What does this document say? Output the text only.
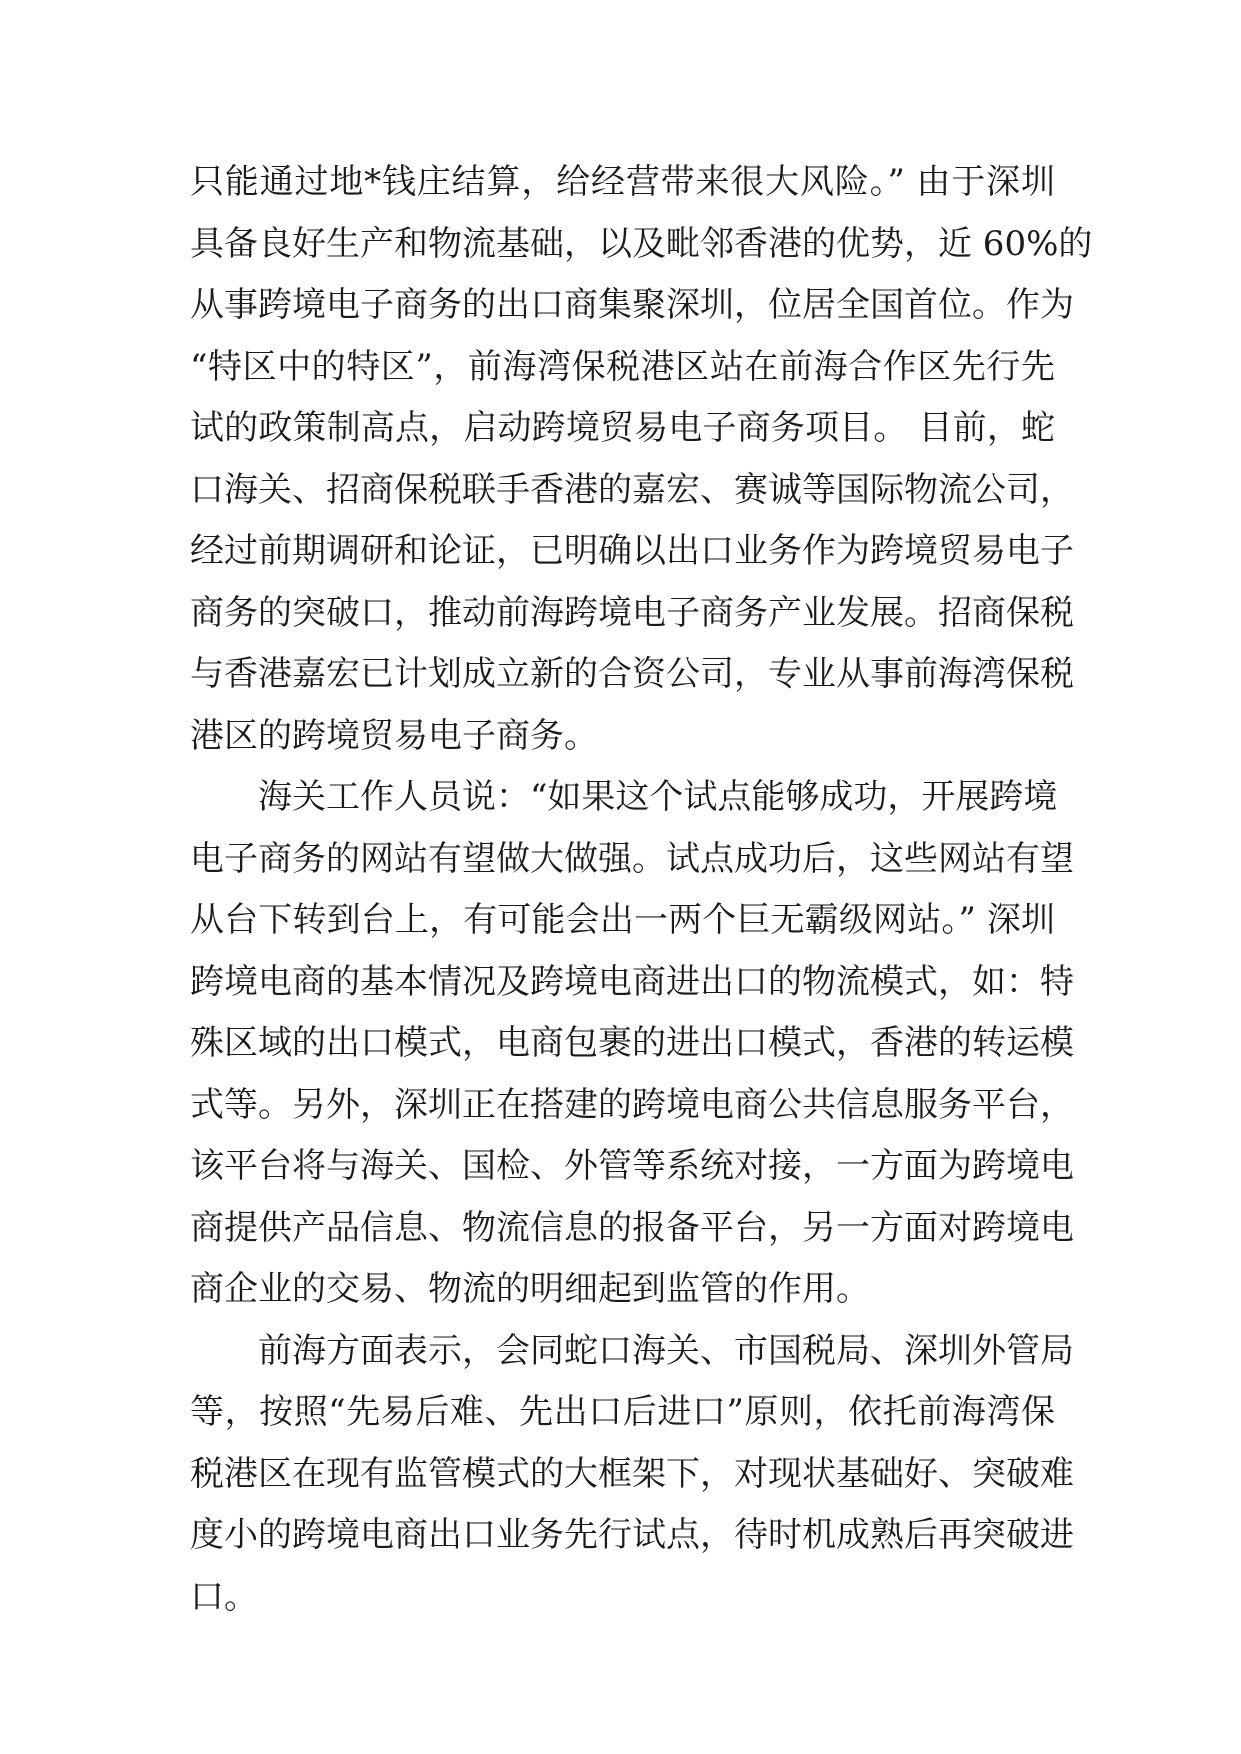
只能通过地*钱庄结算，给经营带来很大风险。” 由于深圳
具备良好生产和物流基础，以及毗邻香港的优势，近 60%的
从事跨境电子商务的出口商集聚深圳，位居全国首位。作为
“特区中的特区”，前海湾保税港区站在前海合作区先行先
试的政策制高点，启动跨境贸易电子商务项目。 目前，蛇
口海关、招商保税联手香港的嘉宏、赛诚等国际物流公司，
经过前期调研和论证，已明确以出口业务作为跨境贸易电子
商务的突破口，推动前海跨境电子商务产业发展。招商保税
与香港嘉宏已计划成立新的合资公司，专业从事前海湾保税
港区的跨境贸易电子商务。
海关工作人员说：“如果这个试点能够成功，开展跨境
电子商务的网站有望做大做强。试点成功后，这些网站有望
从台下转到台上，有可能会出一两个巨无霸级网站。” 深圳
跨境电商的基本情况及跨境电商进出口的物流模式，如：特
殊区域的出口模式，电商包裹的进出口模式，香港的转运模
式等。另外，深圳正在搭建的跨境电商公共信息服务平台，
该平台将与海关、国检、外管等系统对接，一方面为跨境电
商提供产品信息、物流信息的报备平台，另一方面对跨境电
商企业的交易、物流的明细起到监管的作用。
前海方面表示，会同蛇口海关、市国税局、深圳外管局
等，按照“先易后难、先出口后进口”原则，依托前海湾保
税港区在现有监管模式的大框架下，对现状基础好、突破难
度小的跨境电商出口业务先行试点，待时机成熟后再突破进
口。
